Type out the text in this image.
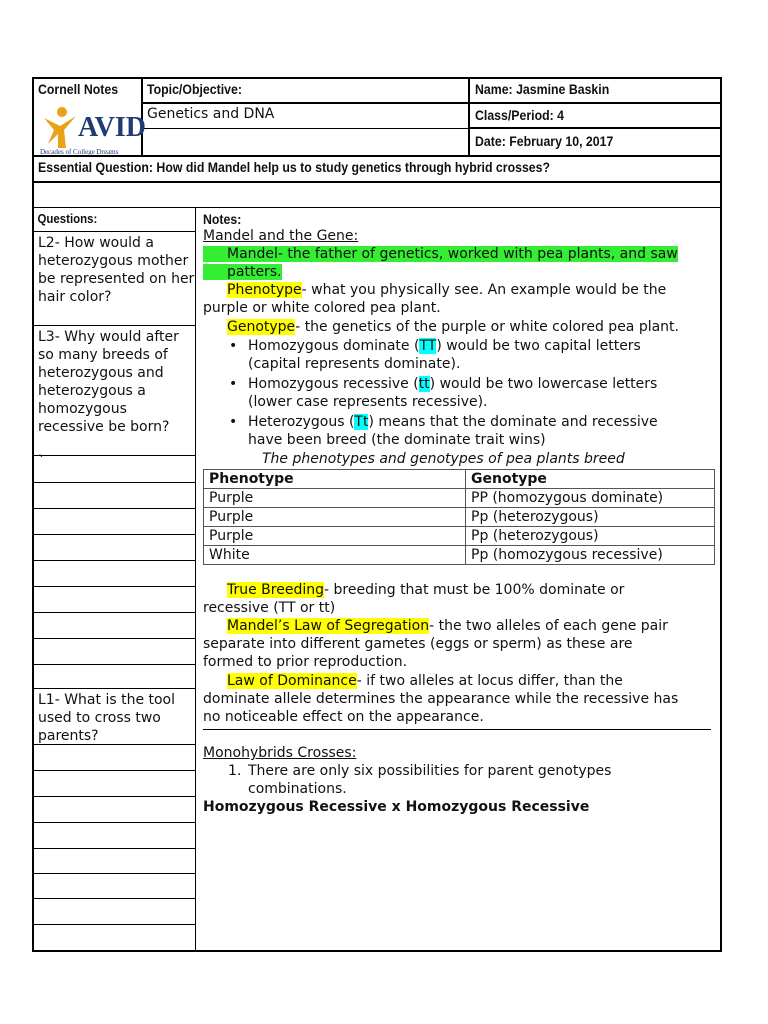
Cornell Notes
AVID
Decades of College Dreams
Topic/Objective:
Genetics and DNA
Name: Jasmine Baskin
Class/Period: 4
Date: February 10, 2017
Essential Question: How did Mandel help us to study genetics through hybrid crosses?
Questions:
L2- How would a heterozygous mother be represented on her hair color?
L3- Why would after so many breeds of heterozygous and heterozygous a homozygous recessive be born?
`
L1- What is the tool used to cross two parents?
Notes:
Mandel and the Gene:
Mandel- the father of genetics, worked with pea plants, and saw patters.
Phenotype- what you physically see. An example would be the
purple or white colored pea plant.
Genotype- the genetics of the purple or white colored pea plant.
• Homozygous dominate (TT) would be two capital letters
(capital represents dominate).
• Homozygous recessive (tt) would be two lowercase letters
(lower case represents recessive).
• Heterozygous (Tt) means that the dominate and recessive
have been breed (the dominate trait wins)
The phenotypes and genotypes of pea plants breed
Phenotype	Genotype
Purple	PP (homozygous dominate)
Purple	Pp (heterozygous)
Purple	Pp (heterozygous)
White	Pp (homozygous recessive)
True Breeding- breeding that must be 100% dominate or
recessive (TT or tt)
Mandel’s Law of Segregation- the two alleles of each gene pair
separate into different gametes (eggs or sperm) as these are
formed to prior reproduction.
Law of Dominance- if two alleles at locus differ, than the
dominate allele determines the appearance while the recessive has
no noticeable effect on the appearance.
Monohybrids Crosses:
1. There are only six possibilities for parent genotypes
combinations.
Homozygous Recessive x Homozygous Recessive
